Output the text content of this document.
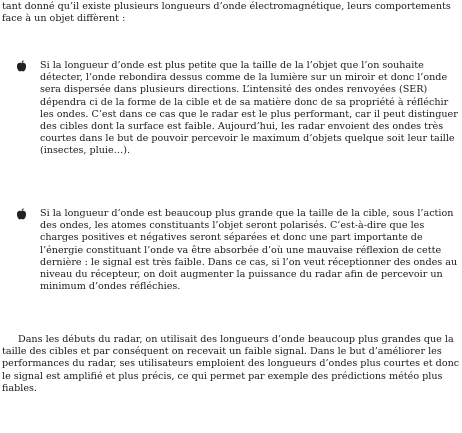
tant donné qu’il existe plusieurs longueurs d’onde électromagnétique, leurs comportements face à un objet diffèrent :

Si la longueur d’onde est plus petite que la taille de la l’objet que l’on souhaite détecter, l’onde rebondira dessus comme de la lumière sur un miroir et donc l’onde sera dispersée dans plusieurs directions. L’intensité des ondes renvoyées (SER) dépendra ci de la forme de la cible et de sa matière donc de sa propriété à réfléchir les ondes. C’est dans ce cas que le radar est le plus performant, car il peut distinguer des cibles dont la surface est faible. Aujourd’hui, les radar envoient des ondes très courtes dans le but de pouvoir percevoir le maximum d’objets quelque soit leur taille (insectes, pluie…).

Si la longueur d’onde est beaucoup plus grande que la taille de la cible, sous l’action des ondes, les atomes constituants l’objet seront polarisés. C’est-à-dire que les charges positives et négatives seront séparées et donc une part importante de l’énergie constituant l’onde va être absorbée d’où une mauvaise réflexion de cette dernière : le signal est très faible. Dans ce cas, si l’on veut réceptionner des ondes au niveau du récepteur, on doit augmenter la puissance du radar afin de percevoir un minimum d’ondes réfléchies.

Dans les débuts du radar, on utilisait des longueurs d’onde beaucoup plus grandes que la taille des cibles et par conséquent on recevait un faible signal. Dans le but d’améliorer les performances du radar, ses utilisateurs emploient des longueurs d’ondes plus courtes et donc le signal est amplifié et plus précis, ce qui permet par exemple des prédictions météo plus fiables.
